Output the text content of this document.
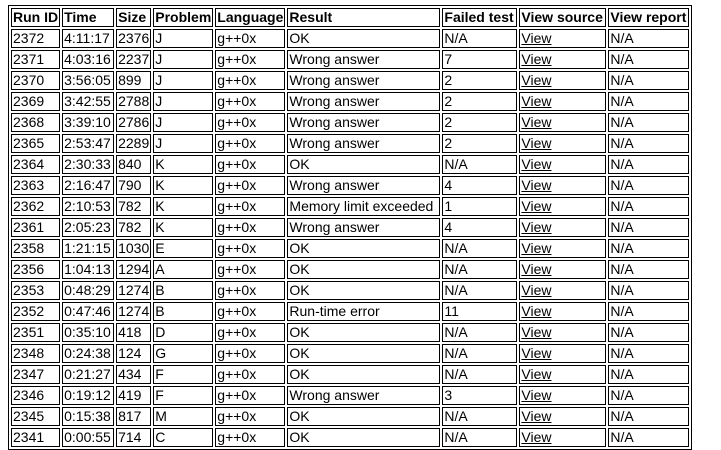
Run ID	Time	Size	Problem	Language	Result	Failed test	View source	View report
2372	4:11:17	2376	J	g++0x	OK	N/A	View	N/A
2371	4:03:16	2237	J	g++0x	Wrong answer	7	View	N/A
2370	3:56:05	899	J	g++0x	Wrong answer	2	View	N/A
2369	3:42:55	2788	J	g++0x	Wrong answer	2	View	N/A
2368	3:39:10	2786	J	g++0x	Wrong answer	2	View	N/A
2365	2:53:47	2289	J	g++0x	Wrong answer	2	View	N/A
2364	2:30:33	840	K	g++0x	OK	N/A	View	N/A
2363	2:16:47	790	K	g++0x	Wrong answer	4	View	N/A
2362	2:10:53	782	K	g++0x	Memory limit exceeded	1	View	N/A
2361	2:05:23	782	K	g++0x	Wrong answer	4	View	N/A
2358	1:21:15	1030	E	g++0x	OK	N/A	View	N/A
2356	1:04:13	1294	A	g++0x	OK	N/A	View	N/A
2353	0:48:29	1274	B	g++0x	OK	N/A	View	N/A
2352	0:47:46	1274	B	g++0x	Run-time error	11	View	N/A
2351	0:35:10	418	D	g++0x	OK	N/A	View	N/A
2348	0:24:38	124	G	g++0x	OK	N/A	View	N/A
2347	0:21:27	434	F	g++0x	OK	N/A	View	N/A
2346	0:19:12	419	F	g++0x	Wrong answer	3	View	N/A
2345	0:15:38	817	M	g++0x	OK	N/A	View	N/A
2341	0:00:55	714	C	g++0x	OK	N/A	View	N/A
